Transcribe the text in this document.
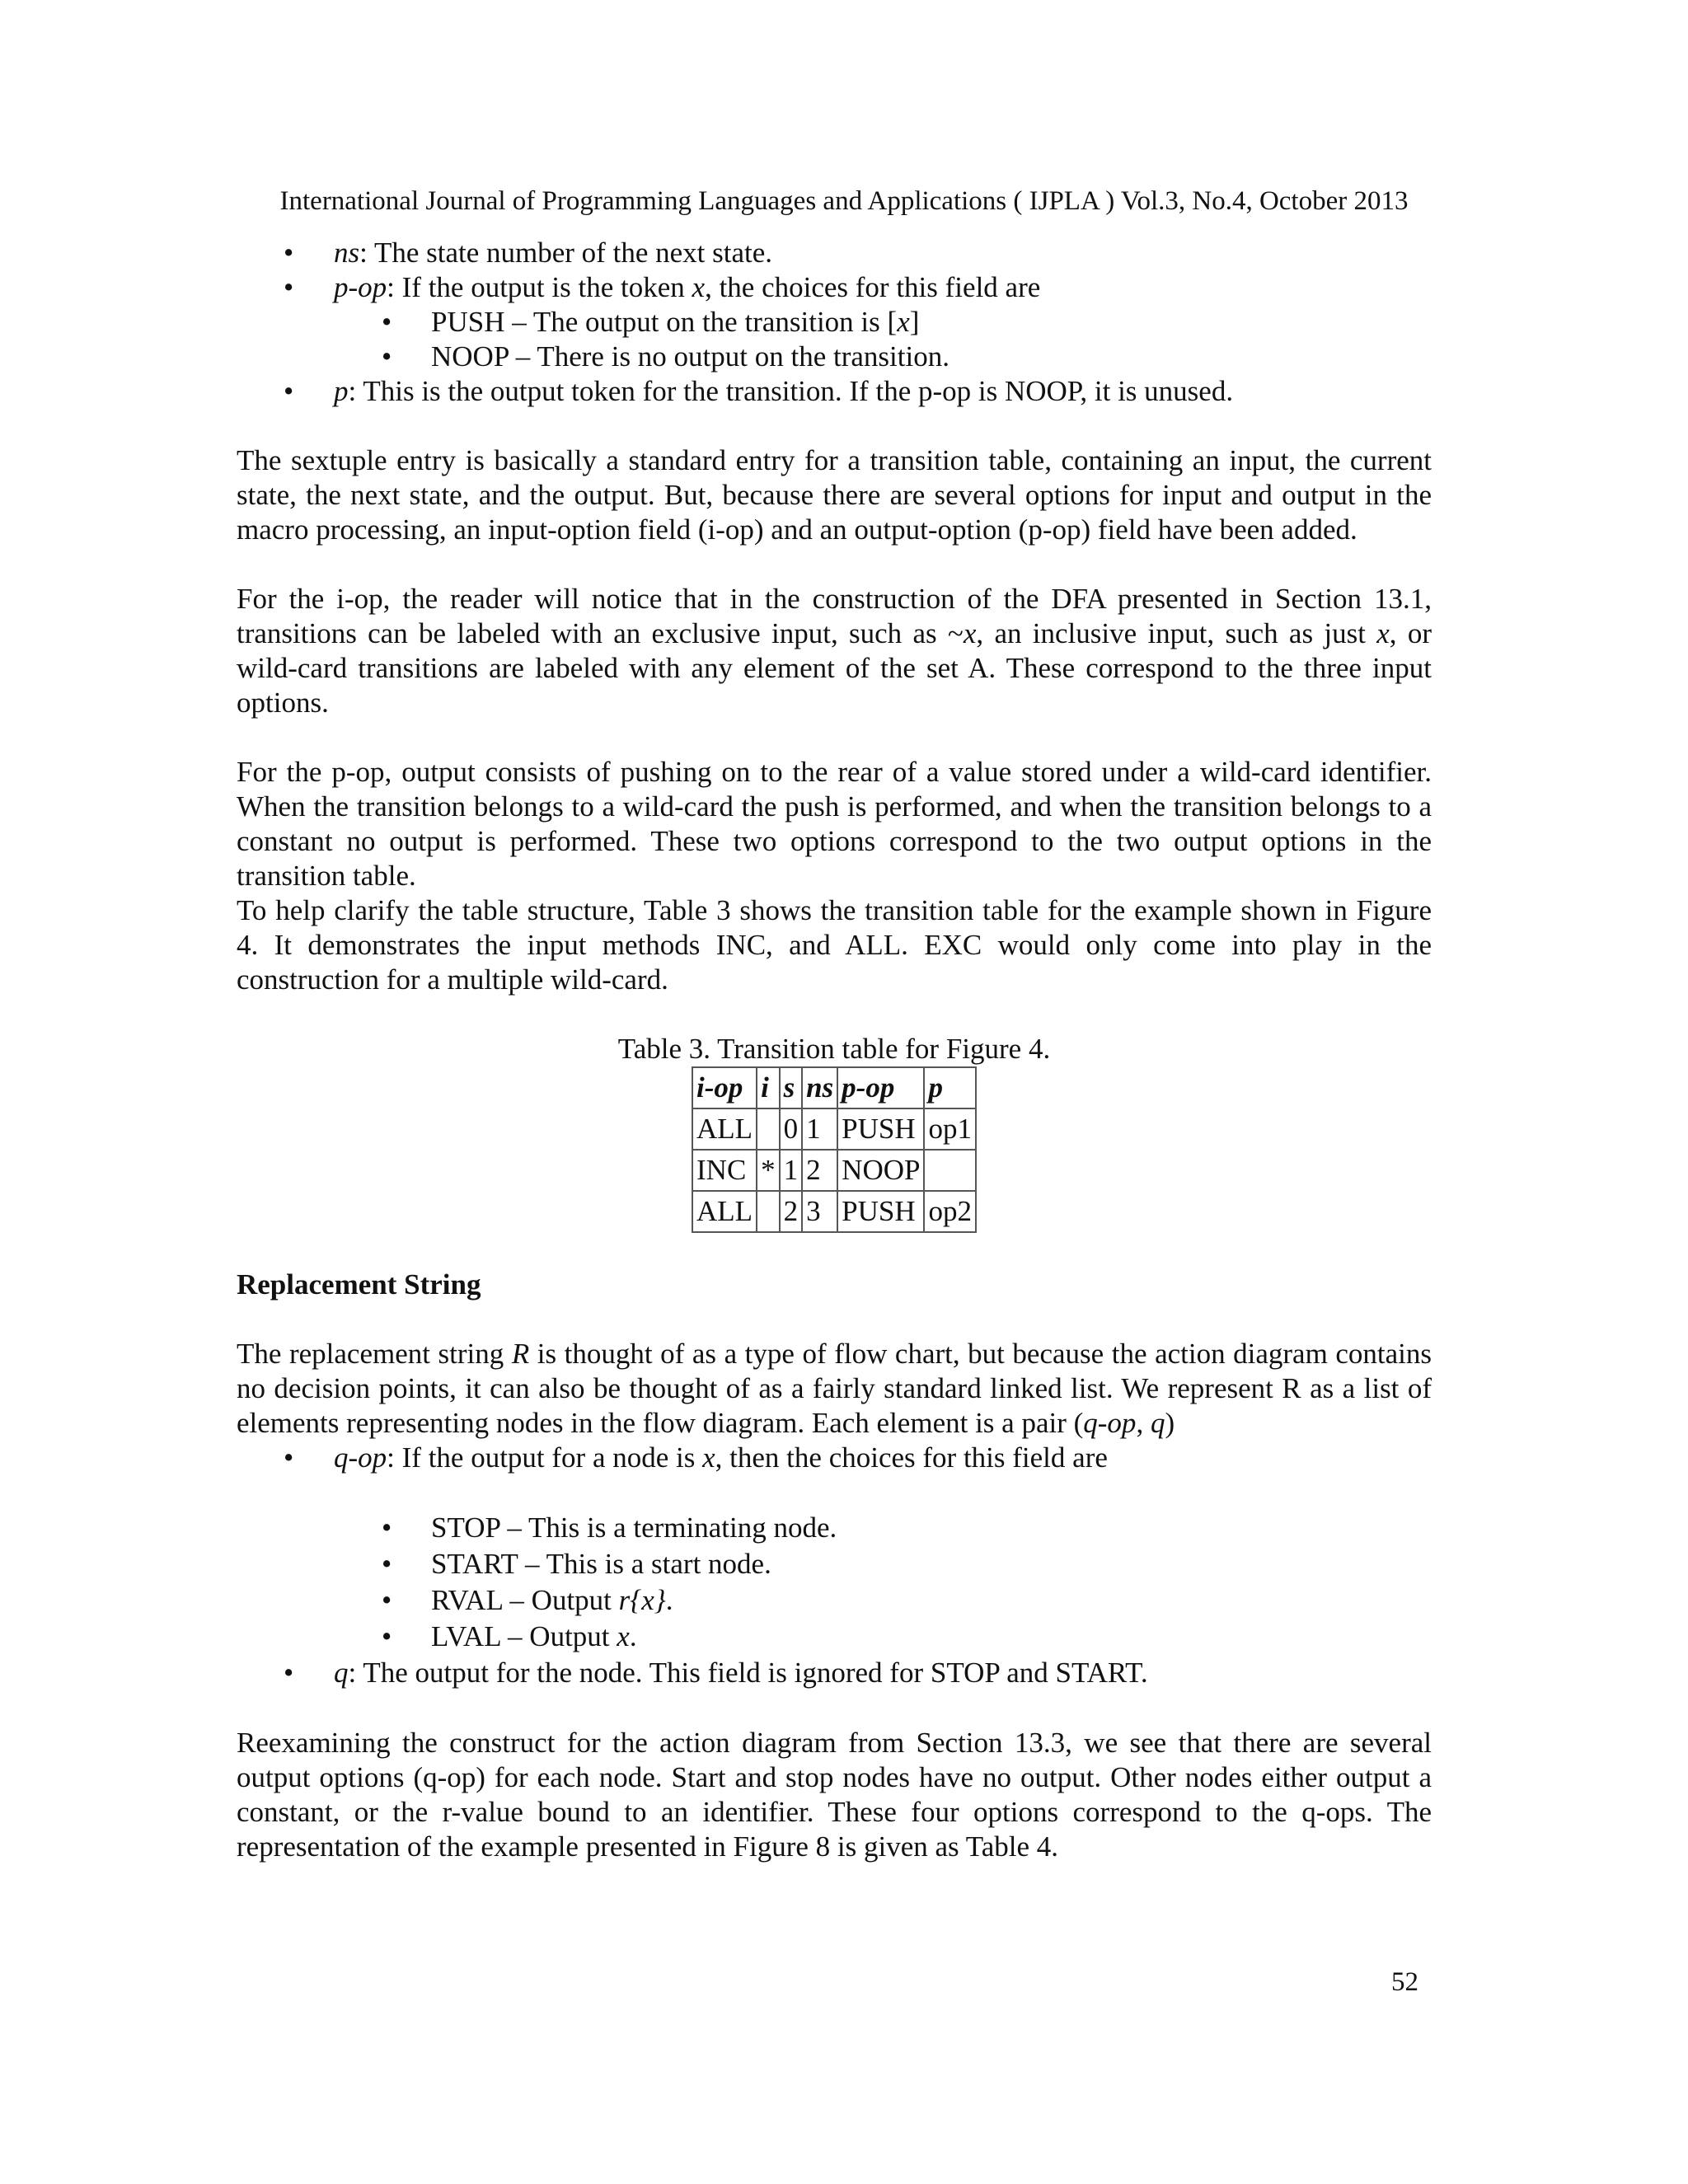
International Journal of Programming Languages and Applications ( IJPLA ) Vol.3, No.4, October 2013
• ns: The state number of the next state.
• p-op: If the output is the token x, the choices for this field are
• PUSH – The output on the transition is [x]
• NOOP – There is no output on the transition.
• p: This is the output token for the transition. If the p-op is NOOP, it is unused.

The sextuple entry is basically a standard entry for a transition table, containing an input, the current state, the next state, and the output. But, because there are several options for input and output in the macro processing, an input-option field (i-op) and an output-option (p-op) field have been added.

For the i-op, the reader will notice that in the construction of the DFA presented in Section 13.1, transitions can be labeled with an exclusive input, such as ~x, an inclusive input, such as just x, or wild-card transitions are labeled with any element of the set A. These correspond to the three input options.

For the p-op, output consists of pushing on to the rear of a value stored under a wild-card identifier. When the transition belongs to a wild-card the push is performed, and when the transition belongs to a constant no output is performed. These two options correspond to the two output options in the transition table.

To help clarify the table structure, Table 3 shows the transition table for the example shown in Figure 4. It demonstrates the input methods INC, and ALL. EXC would only come into play in the construction for a multiple wild-card.

Table 3. Transition table for Figure 4.

i-op	i	s	ns	p-op	p
ALL		0	1	PUSH	op1
INC	*	1	2	NOOP	
ALL		2	3	PUSH	op2

Replacement String

The replacement string R is thought of as a type of flow chart, but because the action diagram contains no decision points, it can also be thought of as a fairly standard linked list. We represent R as a list of elements representing nodes in the flow diagram. Each element is a pair (q-op, q)

• q-op: If the output for a node is x, then the choices for this field are
• STOP – This is a terminating node.
• START – This is a start node.
• RVAL – Output r{x}.
• LVAL – Output x.
• q: The output for the node. This field is ignored for STOP and START.

Reexamining the construct for the action diagram from Section 13.3, we see that there are several output options (q-op) for each node. Start and stop nodes have no output. Other nodes either output a constant, or the r-value bound to an identifier. These four options correspond to the q-ops. The representation of the example presented in Figure 8 is given as Table 4.

52
